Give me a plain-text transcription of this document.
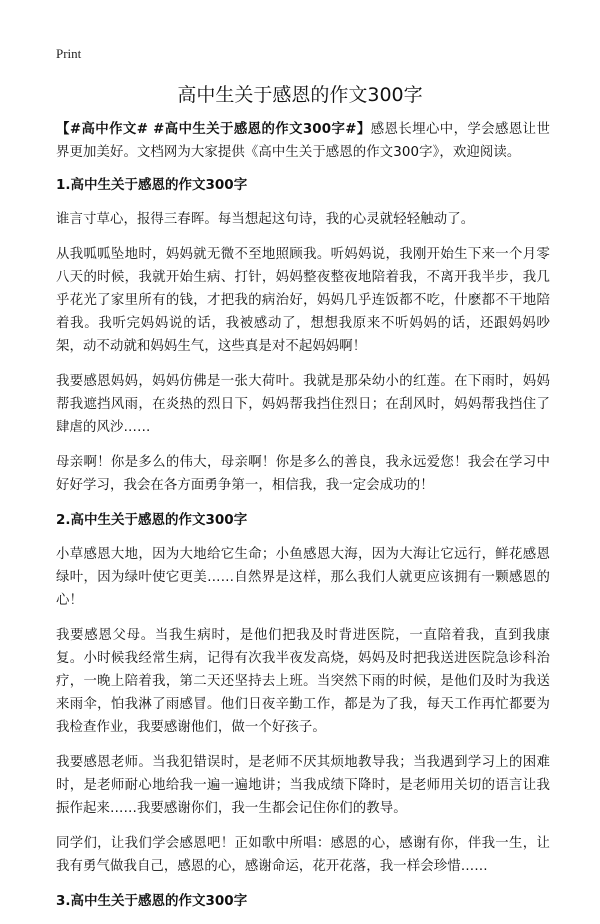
Print
高中生关于感恩的作文300字

【#高中作文# #高中生关于感恩的作文300字#】感恩长埋心中，学会感恩让世界更加美好。文档网为大家提供《高中生关于感恩的作文300字》，欢迎阅读。

1.高中生关于感恩的作文300字

谁言寸草心，报得三春晖。每当想起这句诗，我的心灵就轻轻触动了。

从我呱呱坠地时，妈妈就无微不至地照顾我。听妈妈说，我刚开始生下来一个月零八天的时候，我就开始生病、打针，妈妈整夜整夜地陪着我，不离开我半步，我几乎花光了家里所有的钱，才把我的病治好，妈妈几乎连饭都不吃，什麽都不干地陪着我。我听完妈妈说的话，我被感动了，想想我原来不听妈妈的话，还跟妈妈吵架，动不动就和妈妈生气，这些真是对不起妈妈啊！

我要感恩妈妈，妈妈仿佛是一张大荷叶。我就是那朵幼小的红莲。在下雨时，妈妈帮我遮挡风雨，在炎热的烈日下，妈妈帮我挡住烈日；在刮风时，妈妈帮我挡住了肆虐的风沙……

母亲啊！你是多么的伟大，母亲啊！你是多么的善良，我永远爱您！我会在学习中好好学习，我会在各方面勇争第一，相信我，我一定会成功的！

2.高中生关于感恩的作文300字

小草感恩大地，因为大地给它生命；小鱼感恩大海，因为大海让它远行，鲜花感恩绿叶，因为绿叶使它更美……自然界是这样，那么我们人就更应该拥有一颗感恩的心！

我要感恩父母。当我生病时，是他们把我及时背进医院，一直陪着我，直到我康复。小时候我经常生病，记得有次我半夜发高烧，妈妈及时把我送进医院急诊科治疗，一晚上陪着我，第二天还坚持去上班。当突然下雨的时候，是他们及时为我送来雨伞，怕我淋了雨感冒。他们日夜辛勤工作，都是为了我，每天工作再忙都要为我检查作业，我要感谢他们，做一个好孩子。

我要感恩老师。当我犯错误时，是老师不厌其烦地教导我；当我遇到学习上的困难时，是老师耐心地给我一遍一遍地讲；当我成绩下降时，是老师用关切的语言让我振作起来……我要感谢你们，我一生都会记住你们的教导。

同学们，让我们学会感恩吧！正如歌中所唱：感恩的心，感谢有你，伴我一生，让我有勇气做我自己，感恩的心，感谢命运，花开花落，我一样会珍惜……

3.高中生关于感恩的作文300字
